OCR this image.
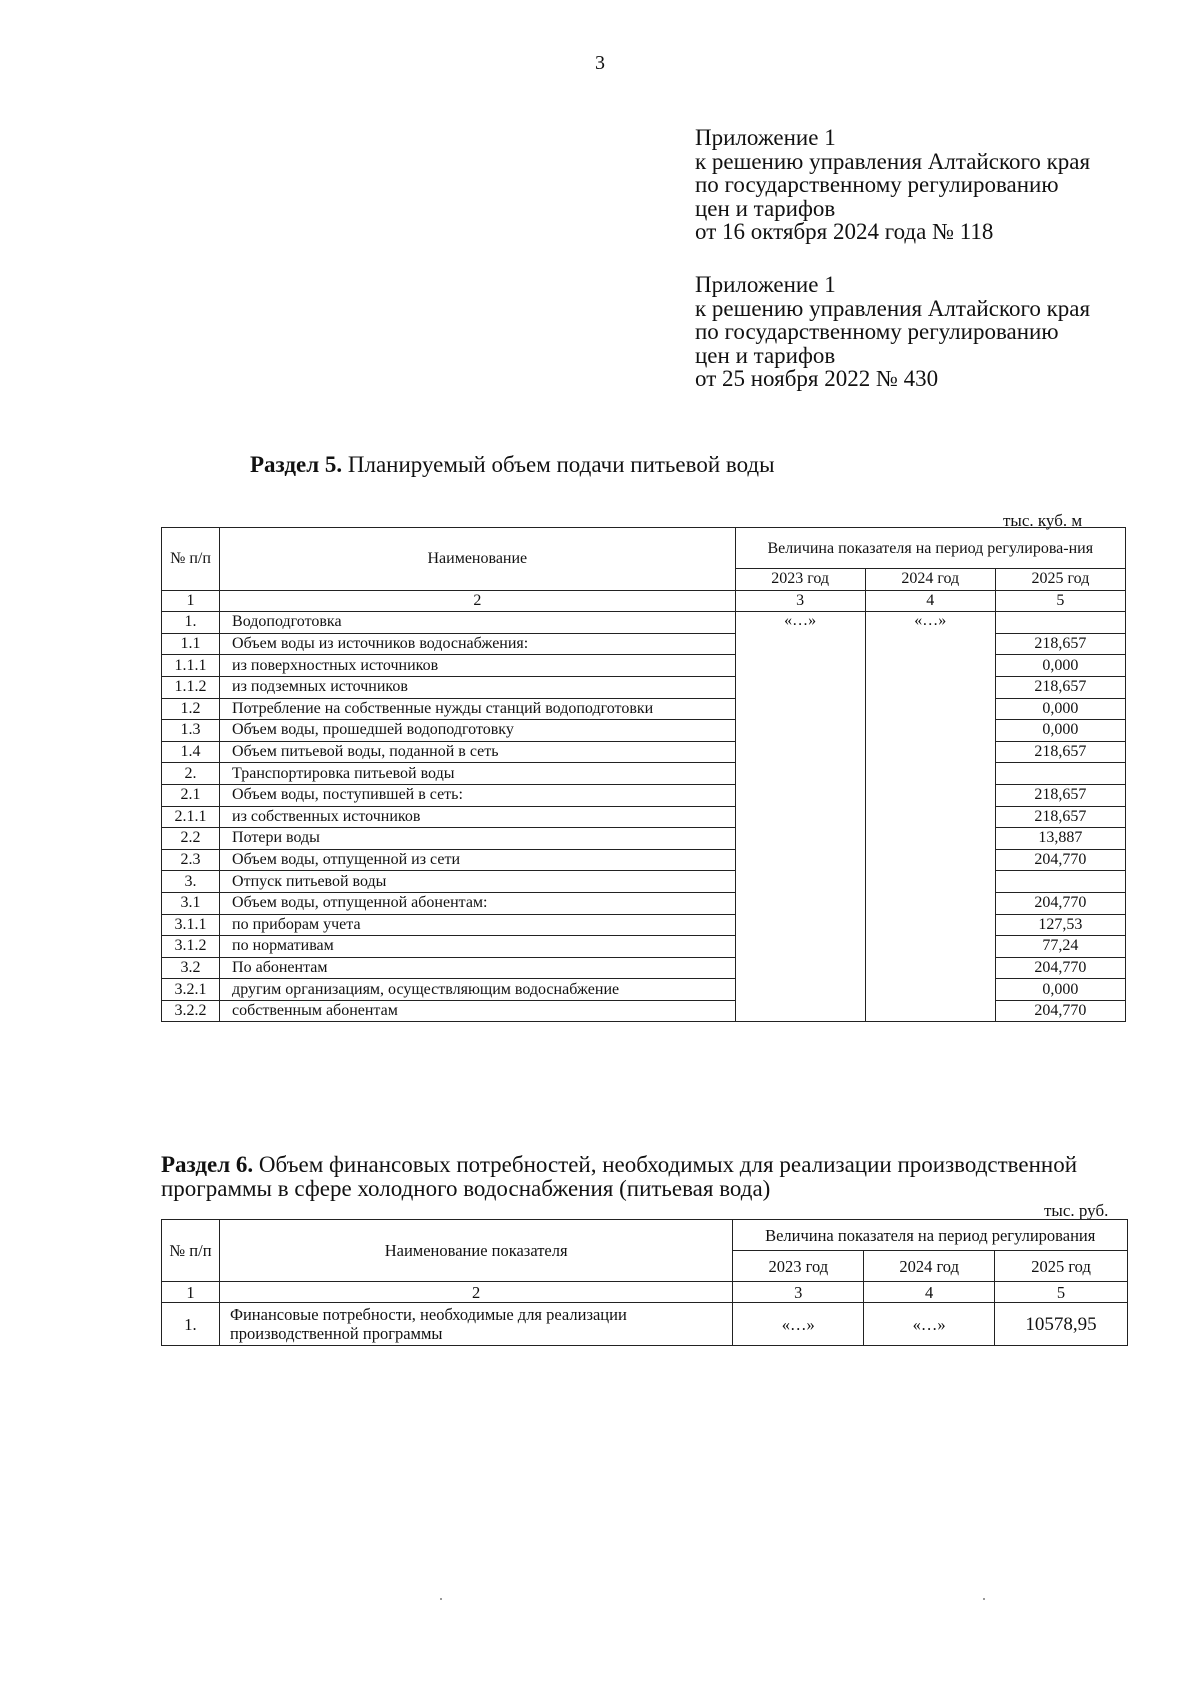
3
Приложение 1
к решению управления Алтайского края
по государственному регулированию
цен и тарифов
от 16 октября 2024 года № 118
Приложение 1
к решению управления Алтайского края
по государственному регулированию
цен и тарифов
от 25 ноября 2022 № 430
Раздел 5. Планируемый объем подачи питьевой воды
тыс. куб. м
№ п/п	Наименование	Величина показателя на период регулирова-ния		
		2023 год	2024 год	2025 год
1	2	3	4	5
1.	Водоподготовка	«…»	«…»	
1.1	Объем воды из источников водоснабжения:			218,657
1.1.1	из поверхностных источников			0,000
1.1.2	из подземных источников			218,657
1.2	Потребление на собственные нужды станций водоподготовки			0,000
1.3	Объем воды, прошедшей водоподготовку			0,000
1.4	Объем питьевой воды, поданной в сеть			218,657
2.	Транспортировка питьевой воды			
2.1	Объем воды, поступившей в сеть:			218,657
2.1.1	из собственных источников			218,657
2.2	Потери воды			13,887
2.3	Объем воды, отпущенной из сети			204,770
3.	Отпуск питьевой воды			
3.1	Объем воды, отпущенной абонентам:			204,770
3.1.1	по приборам учета			127,53
3.1.2	по нормативам			77,24
3.2	По абонентам			204,770
3.2.1	другим организациям, осуществляющим водоснабжение			0,000
3.2.2	собственным абонентам			204,770
Раздел 6. Объем финансовых потребностей, необходимых для реализации производственной программы в сфере холодного водоснабжения (питьевая вода)
тыс. руб.
№ п/п	Наименование показателя	Величина показателя на период регулирования		
		2023 год	2024 год	2025 год
1	2	3	4	5
1.	Финансовые потребности, необходимые для реализации производственной программы	«…»	«…»	10578,95
